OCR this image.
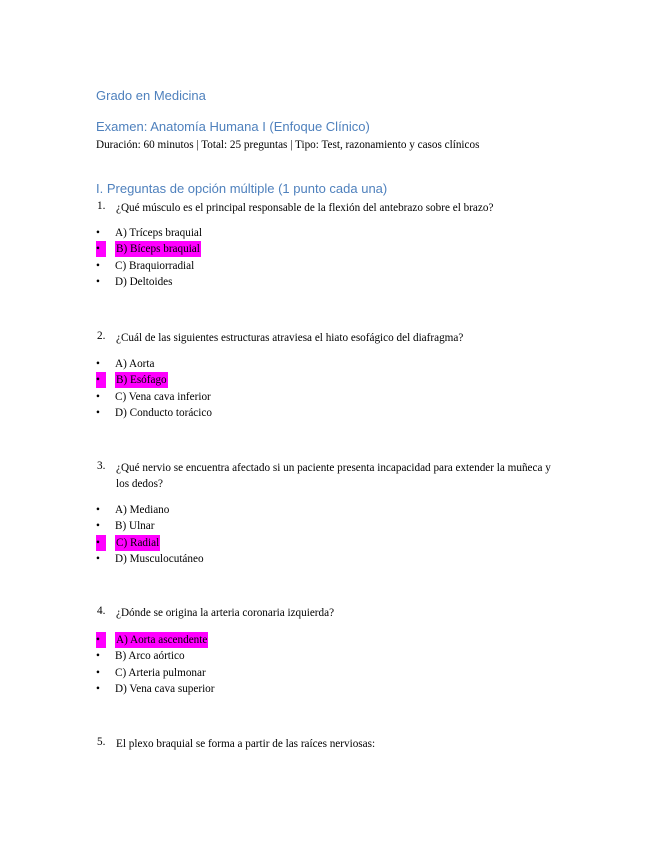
Grado en Medicina
Examen: Anatomía Humana I (Enfoque Clínico)
Duración: 60 minutos | Total: 25 preguntas | Tipo: Test, razonamiento y casos clínicos
I. Preguntas de opción múltiple (1 punto cada una)
1. ¿Qué músculo es el principal responsable de la flexión del antebrazo sobre el brazo?
•	A) Tríceps braquial
•	B) Bíceps braquial
•	C) Braquiorradial
•	D) Deltoides
2. ¿Cuál de las siguientes estructuras atraviesa el hiato esofágico del diafragma?
•	A) Aorta
•	B) Esófago
•	C) Vena cava inferior
•	D) Conducto torácico
3. ¿Qué nervio se encuentra afectado si un paciente presenta incapacidad para extender la muñeca y los dedos?
•	A) Mediano
•	B) Ulnar
•	C) Radial
•	D) Musculocutáneo
4. ¿Dónde se origina la arteria coronaria izquierda?
•	A) Aorta ascendente
•	B) Arco aórtico
•	C) Arteria pulmonar
•	D) Vena cava superior
5. El plexo braquial se forma a partir de las raíces nerviosas:
